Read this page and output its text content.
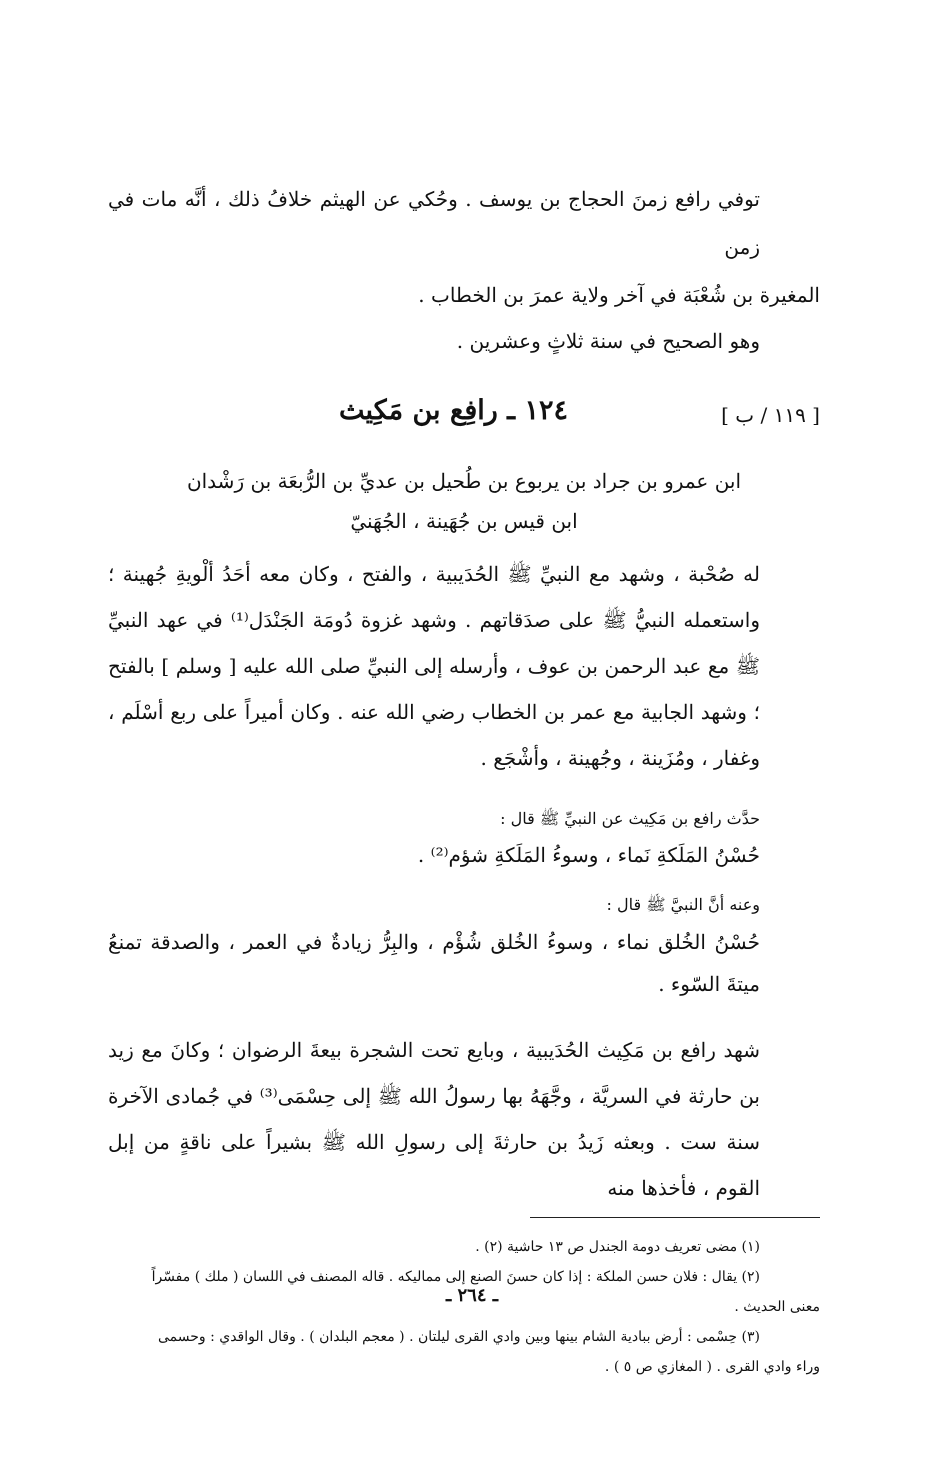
توفي رافع زمنَ الحجاج بن يوسف . وحُكي عن الهيثم خلافُ ذلك ، أنَّه مات في زمن

المغيرة بن شُعْبَة في آخر ولاية عمرَ بن الخطاب .

وهو الصحيح في سنة ثلاثٍ وعشرين .

[ ١١٩ / ب ]
١٢٤ ـ رافِع بن مَكِيث

ابن عمرو بن جراد بن يربوع بن طُحيل بن عديِّ بن الرُّبعَة بن رَشْدان

ابن قيس بن جُهَينة ، الجُهَنيّ

له صُحْبة ، وشهد مع النبيِّ ﷺ الحُدَيبية ، والفتح ، وكان معه أحَدُ ألْويةِ جُهينة ؛ واستعمله النبيُّ ﷺ على صدَقاتهم . وشهد غزوة دُومَة الجَنْدَل⁽¹⁾ في عهد النبيِّ ﷺ مع عبد الرحمن بن عوف ، وأرسله إلى النبيِّ صلى الله عليه [ وسلم ] بالفتح ؛ وشهد الجابية مع عمر بن الخطاب رضي الله عنه . وكان أميراً على ربع أسْلَم ، وغفار ، ومُزَينة ، وجُهينة ، وأشْجَع .

حدَّث رافع بن مَكِيث عن النبيِّ ﷺ قال :

حُسْنُ المَلَكةِ نَماء ، وسوءُ المَلَكةِ شؤم⁽²⁾ .

وعنه أنَّ النبيَّ ﷺ قال :

حُسْنُ الخُلق نماء ، وسوءُ الخُلق شُؤْم ، والبِرُّ زيادةٌ في العمر ، والصدقة تمنعُ ميتةَ السّوء .

شهد رافع بن مَكِيث الحُدَيبية ، وبايع تحت الشجرة بيعةَ الرضوان ؛ وكانَ مع زيد بن حارثة في السريَّة ، وجَّهَهُ بها رسولُ الله ﷺ إلى حِسْمَى⁽³⁾ في جُمادى الآخرة سنة ست . وبعثه زَيدُ بن حارثةَ إلى رسولِ الله ﷺ بشيراً على ناقةٍ من إبل القوم ، فأخذها منه

(١) مضى تعريف دومة الجندل ص ١٣ حاشية (٢) .

(٢) يقال : فلان حسن الملكة : إذا كان حسنَ الصنع إلى مماليكه . قاله المصنف في اللسان ( ملك ) مفسّراً

معنى الحديث .

(٣) حِسْمى : أرض ببادية الشام بينها وبين وادي القرى ليلتان . ( معجم البلدان ) . وقال الواقدي : وحسمى

وراء وادي القرى . ( المغازي ص ٥ ) .

ـ ٢٦٤ ـ
